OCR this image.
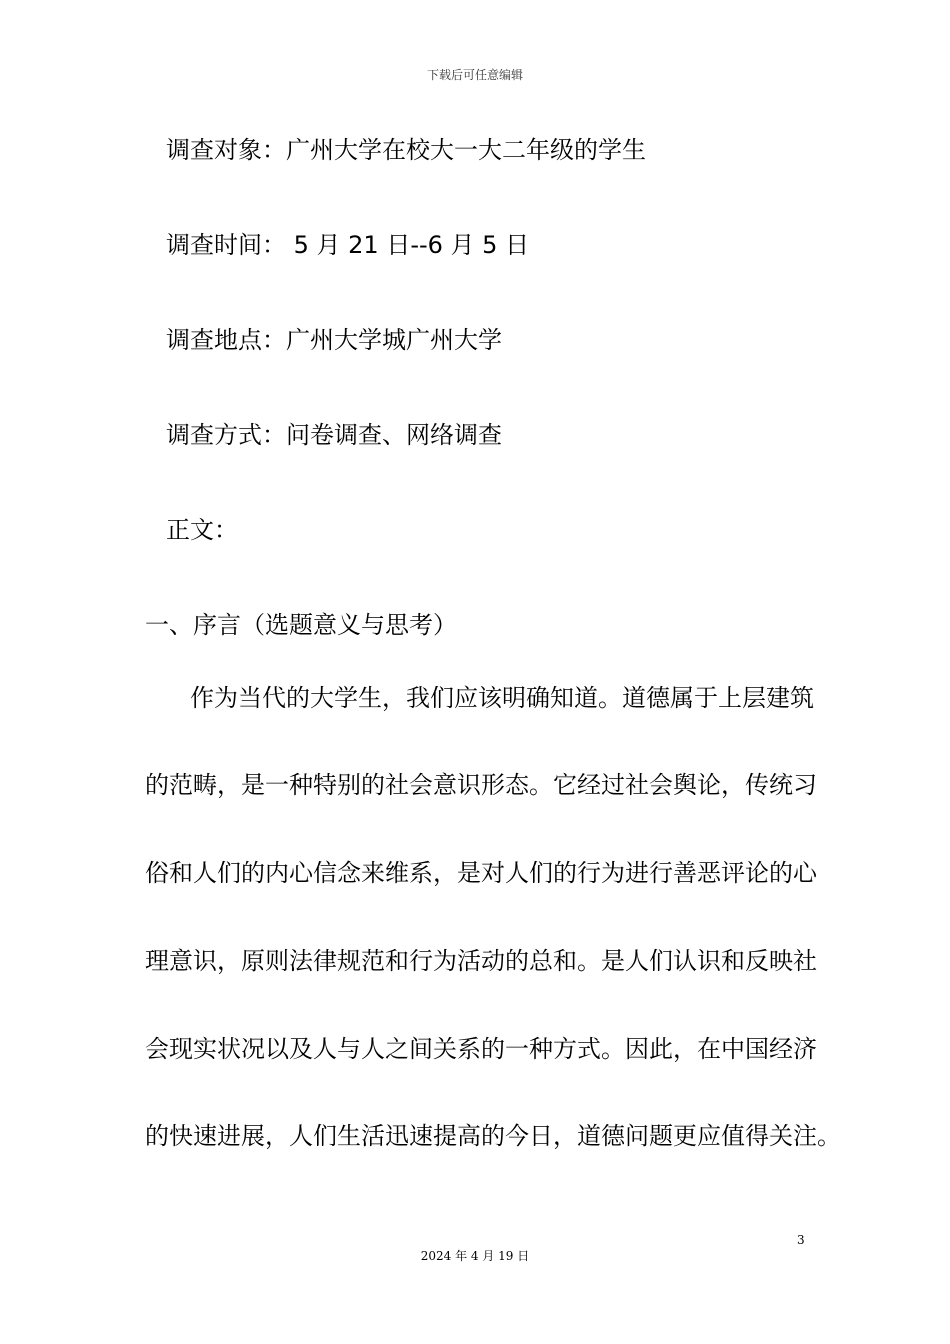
下载后可任意编辑
调查对象：广州大学在校大一大二年级的学生
调查时间： 5 月 21 日--6 月 5 日
调查地点：广州大学城广州大学
调查方式：问卷调查、网络调查
正文：
一、序言（选题意义与思考）
作为当代的大学生，我们应该明确知道。道德属于上层建筑
的范畴，是一种特别的社会意识形态。它经过社会舆论，传统习
俗和人们的内心信念来维系，是对人们的行为进行善恶评论的心
理意识，原则法律规范和行为活动的总和。是人们认识和反映社
会现实状况以及人与人之间关系的一种方式。因此，在中国经济
的快速进展，人们生活迅速提高的今日，道德问题更应值得关注。
3
2024 年 4 月 19 日
